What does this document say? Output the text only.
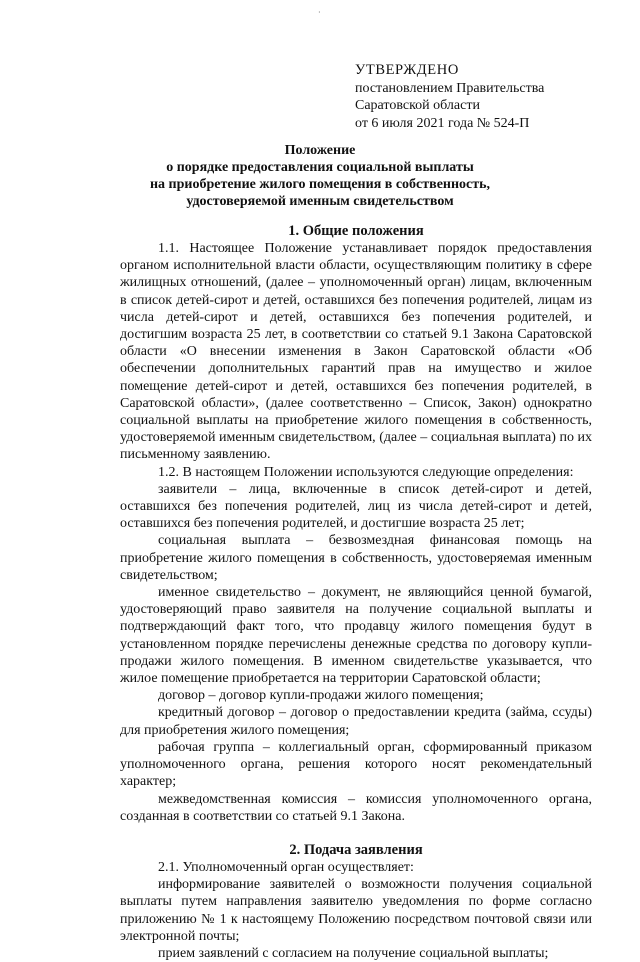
·
УТВЕРЖДЕНО
постановлением Правительства
Саратовской области
от 6 июля 2021 года № 524-П
Положение
о порядке предоставления социальной выплаты
на приобретение жилого помещения в собственность,
удостоверяемой именным свидетельством

1. Общие положения

1.1. Настоящее Положение устанавливает порядок предоставления органом исполнительной власти области, осуществляющим политику в сфере жилищных отношений, (далее – уполномоченный орган) лицам, включенным в список детей-сирот и детей, оставшихся без попечения родителей, лицам из числа детей-сирот и детей, оставшихся без попечения родителей, и достигшим возраста 25 лет, в соответствии со статьей 9.1 Закона Саратовской области «О внесении изменения в Закон Саратовской области «Об обеспечении дополнительных гарантий прав на имущество и жилое помещение детей-сирот и детей, оставшихся без попечения родителей, в Саратовской области», (далее соответственно – Список, Закон) однократно социальной выплаты на приобретение жилого помещения в собственность, удостоверяемой именным свидетельством, (далее – социальная выплата) по их письменному заявлению.

1.2. В настоящем Положении используются следующие определения:

заявители – лица, включенные в список детей-сирот и детей, оставшихся без попечения родителей, лиц из числа детей-сирот и детей, оставшихся без попечения родителей, и достигшие возраста 25 лет;

социальная выплата – безвозмездная финансовая помощь на приобретение жилого помещения в собственность, удостоверяемая именным свидетельством;

именное свидетельство – документ, не являющийся ценной бумагой, удостоверяющий право заявителя на получение социальной выплаты и подтверждающий факт того, что продавцу жилого помещения будут в установленном порядке перечислены денежные средства по договору купли-продажи жилого помещения. В именном свидетельстве указывается, что жилое помещение приобретается на территории Саратовской области;

договор – договор купли-продажи жилого помещения;

кредитный договор – договор о предоставлении кредита (займа, ссуды) для приобретения жилого помещения;

рабочая группа – коллегиальный орган, сформированный приказом уполномоченного органа, решения которого носят рекомендательный характер;

межведомственная комиссия – комиссия уполномоченного органа, созданная в соответствии со статьей 9.1 Закона.

2. Подача заявления

2.1. Уполномоченный орган осуществляет:

информирование заявителей о возможности получения социальной выплаты путем направления заявителю уведомления по форме согласно приложению № 1 к настоящему Положению посредством почтовой связи или электронной почты;

прием заявлений с согласием на получение социальной выплаты;
